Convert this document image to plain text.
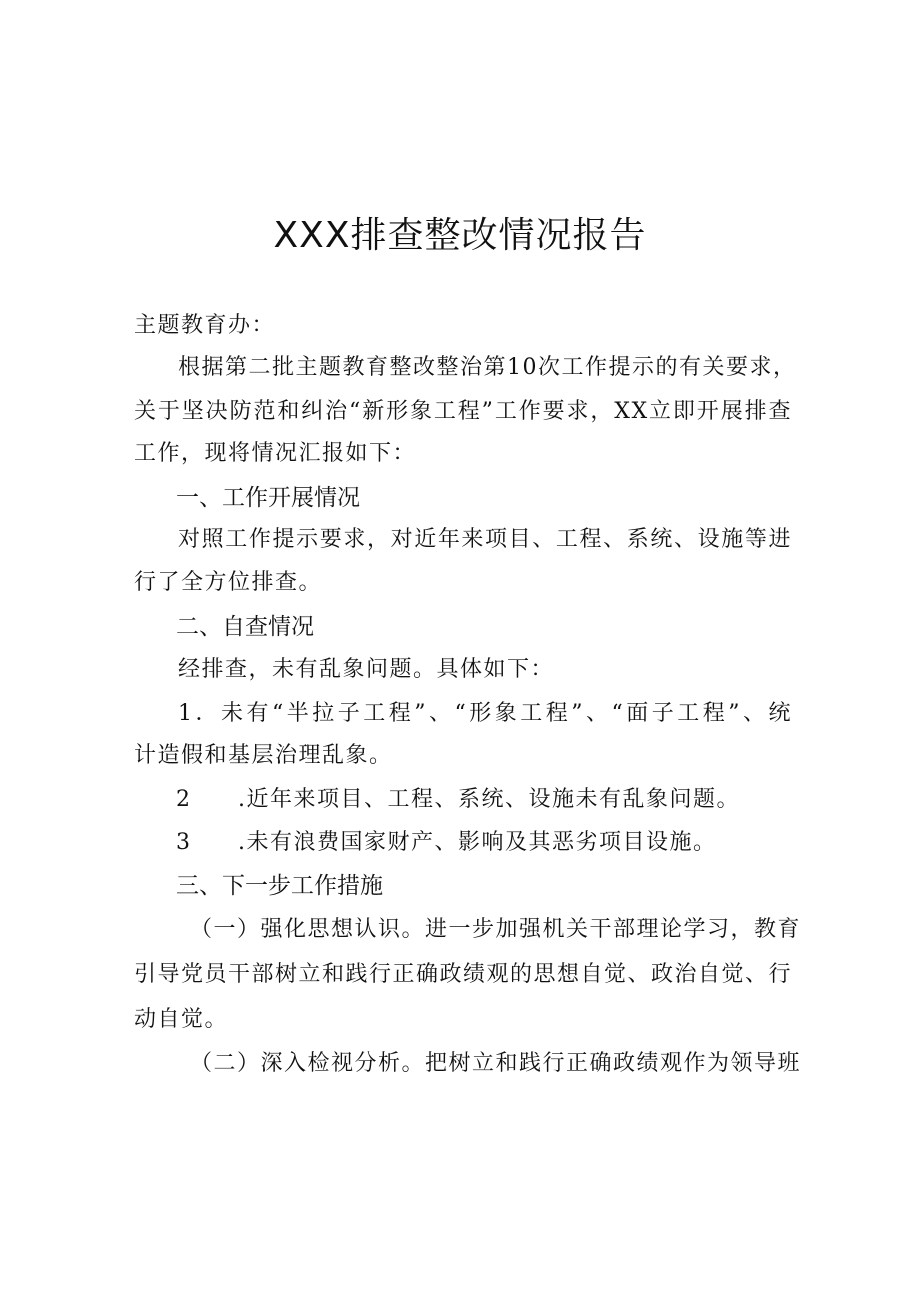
XXX排查整改情况报告
主题教育办：
根据第二批主题教育整改整治第10次工作提示的有关要求，
关于坚决防范和纠治“新形象工程”工作要求，XX立即开展排查
工作，现将情况汇报如下：
一、工作开展情况
对照工作提示要求，对近年来项目、工程、系统、设施等进
行了全方位排查。
二、自查情况
经排查，未有乱象问题。具体如下：
1．未有“半拉子工程”、“形象工程”、“面子工程”、统
计造假和基层治理乱象。
2 .近年来项目、工程、系统、设施未有乱象问题。
3 .未有浪费国家财产、影响及其恶劣项目设施。
三、下一步工作措施
（一）强化思想认识。进一步加强机关干部理论学习，教育
引导党员干部树立和践行正确政绩观的思想自觉、政治自觉、行
动自觉。
（二）深入检视分析。把树立和践行正确政绩观作为领导班
